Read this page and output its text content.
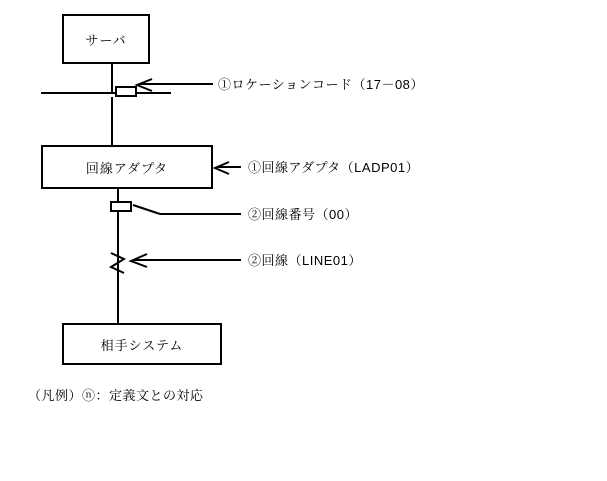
サーバ
回線アダプタ
相手システム
①ロケーションコード（17－08）
①回線アダプタ（LADP01）
②回線番号（00）
②回線（LINE01）
（凡例）ⓝ：定義文との対応
